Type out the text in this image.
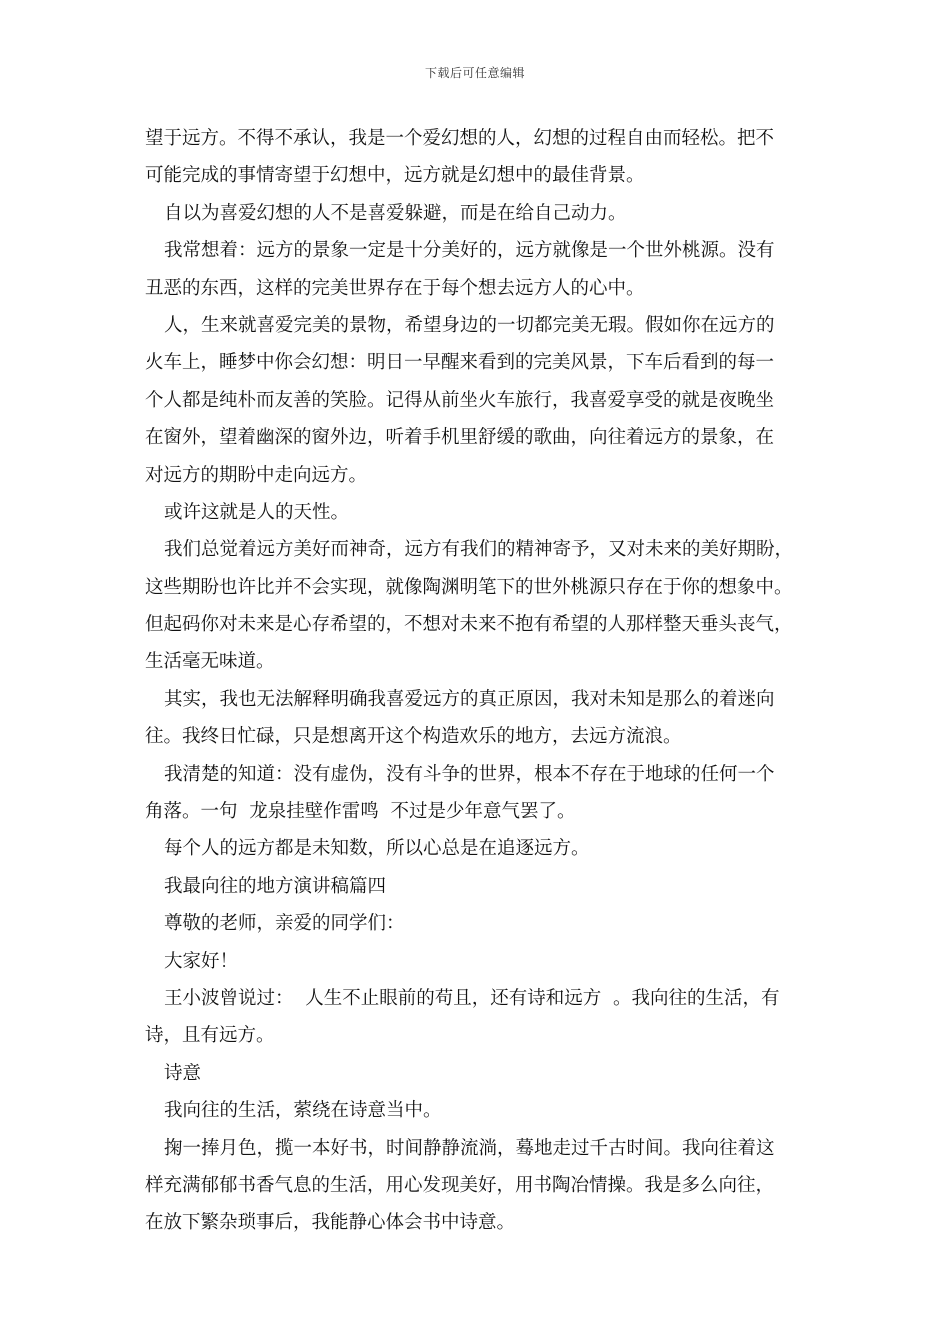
下载后可任意编辑
望于远方。不得不承认，我是一个爱幻想的人，幻想的过程自由而轻松。把不
可能完成的事情寄望于幻想中，远方就是幻想中的最佳背景。
自以为喜爱幻想的人不是喜爱躲避，而是在给自己动力。
我常想着：远方的景象一定是十分美好的，远方就像是一个世外桃源。没有
丑恶的东西，这样的完美世界存在于每个想去远方人的心中。
人，生来就喜爱完美的景物，希望身边的一切都完美无瑕。假如你在远方的
火车上，睡梦中你会幻想：明日一早醒来看到的完美风景，下车后看到的每一
个人都是纯朴而友善的笑脸。记得从前坐火车旅行，我喜爱享受的就是夜晚坐
在窗外，望着幽深的窗外边，听着手机里舒缓的歌曲，向往着远方的景象，在
对远方的期盼中走向远方。
或许这就是人的天性。
我们总觉着远方美好而神奇，远方有我们的精神寄予，又对未来的美好期盼，
这些期盼也许比并不会实现，就像陶渊明笔下的世外桃源只存在于你的想象中。
但起码你对未来是心存希望的，不想对未来不抱有希望的人那样整天垂头丧气，
生活毫无味道。
其实，我也无法解释明确我喜爱远方的真正原因，我对未知是那么的着迷向
往。我终日忙碌，只是想离开这个构造欢乐的地方，去远方流浪。
我清楚的知道：没有虚伪，没有斗争的世界，根本不存在于地球的任何一个
角落。一句  龙泉挂壁作雷鸣  不过是少年意气罢了。
每个人的远方都是未知数，所以心总是在追逐远方。
我最向往的地方演讲稿篇四
尊敬的老师，亲爱的同学们：
大家好！
王小波曾说过：  人生不止眼前的苟且，还有诗和远方  。我向往的生活，有
诗，且有远方。
诗意
我向往的生活，萦绕在诗意当中。
掬一捧月色，揽一本好书，时间静静流淌，蓦地走过千古时间。我向往着这
样充满郁郁书香气息的生活，用心发现美好，用书陶冶情操。我是多么向往，
在放下繁杂琐事后，我能静心体会书中诗意。
